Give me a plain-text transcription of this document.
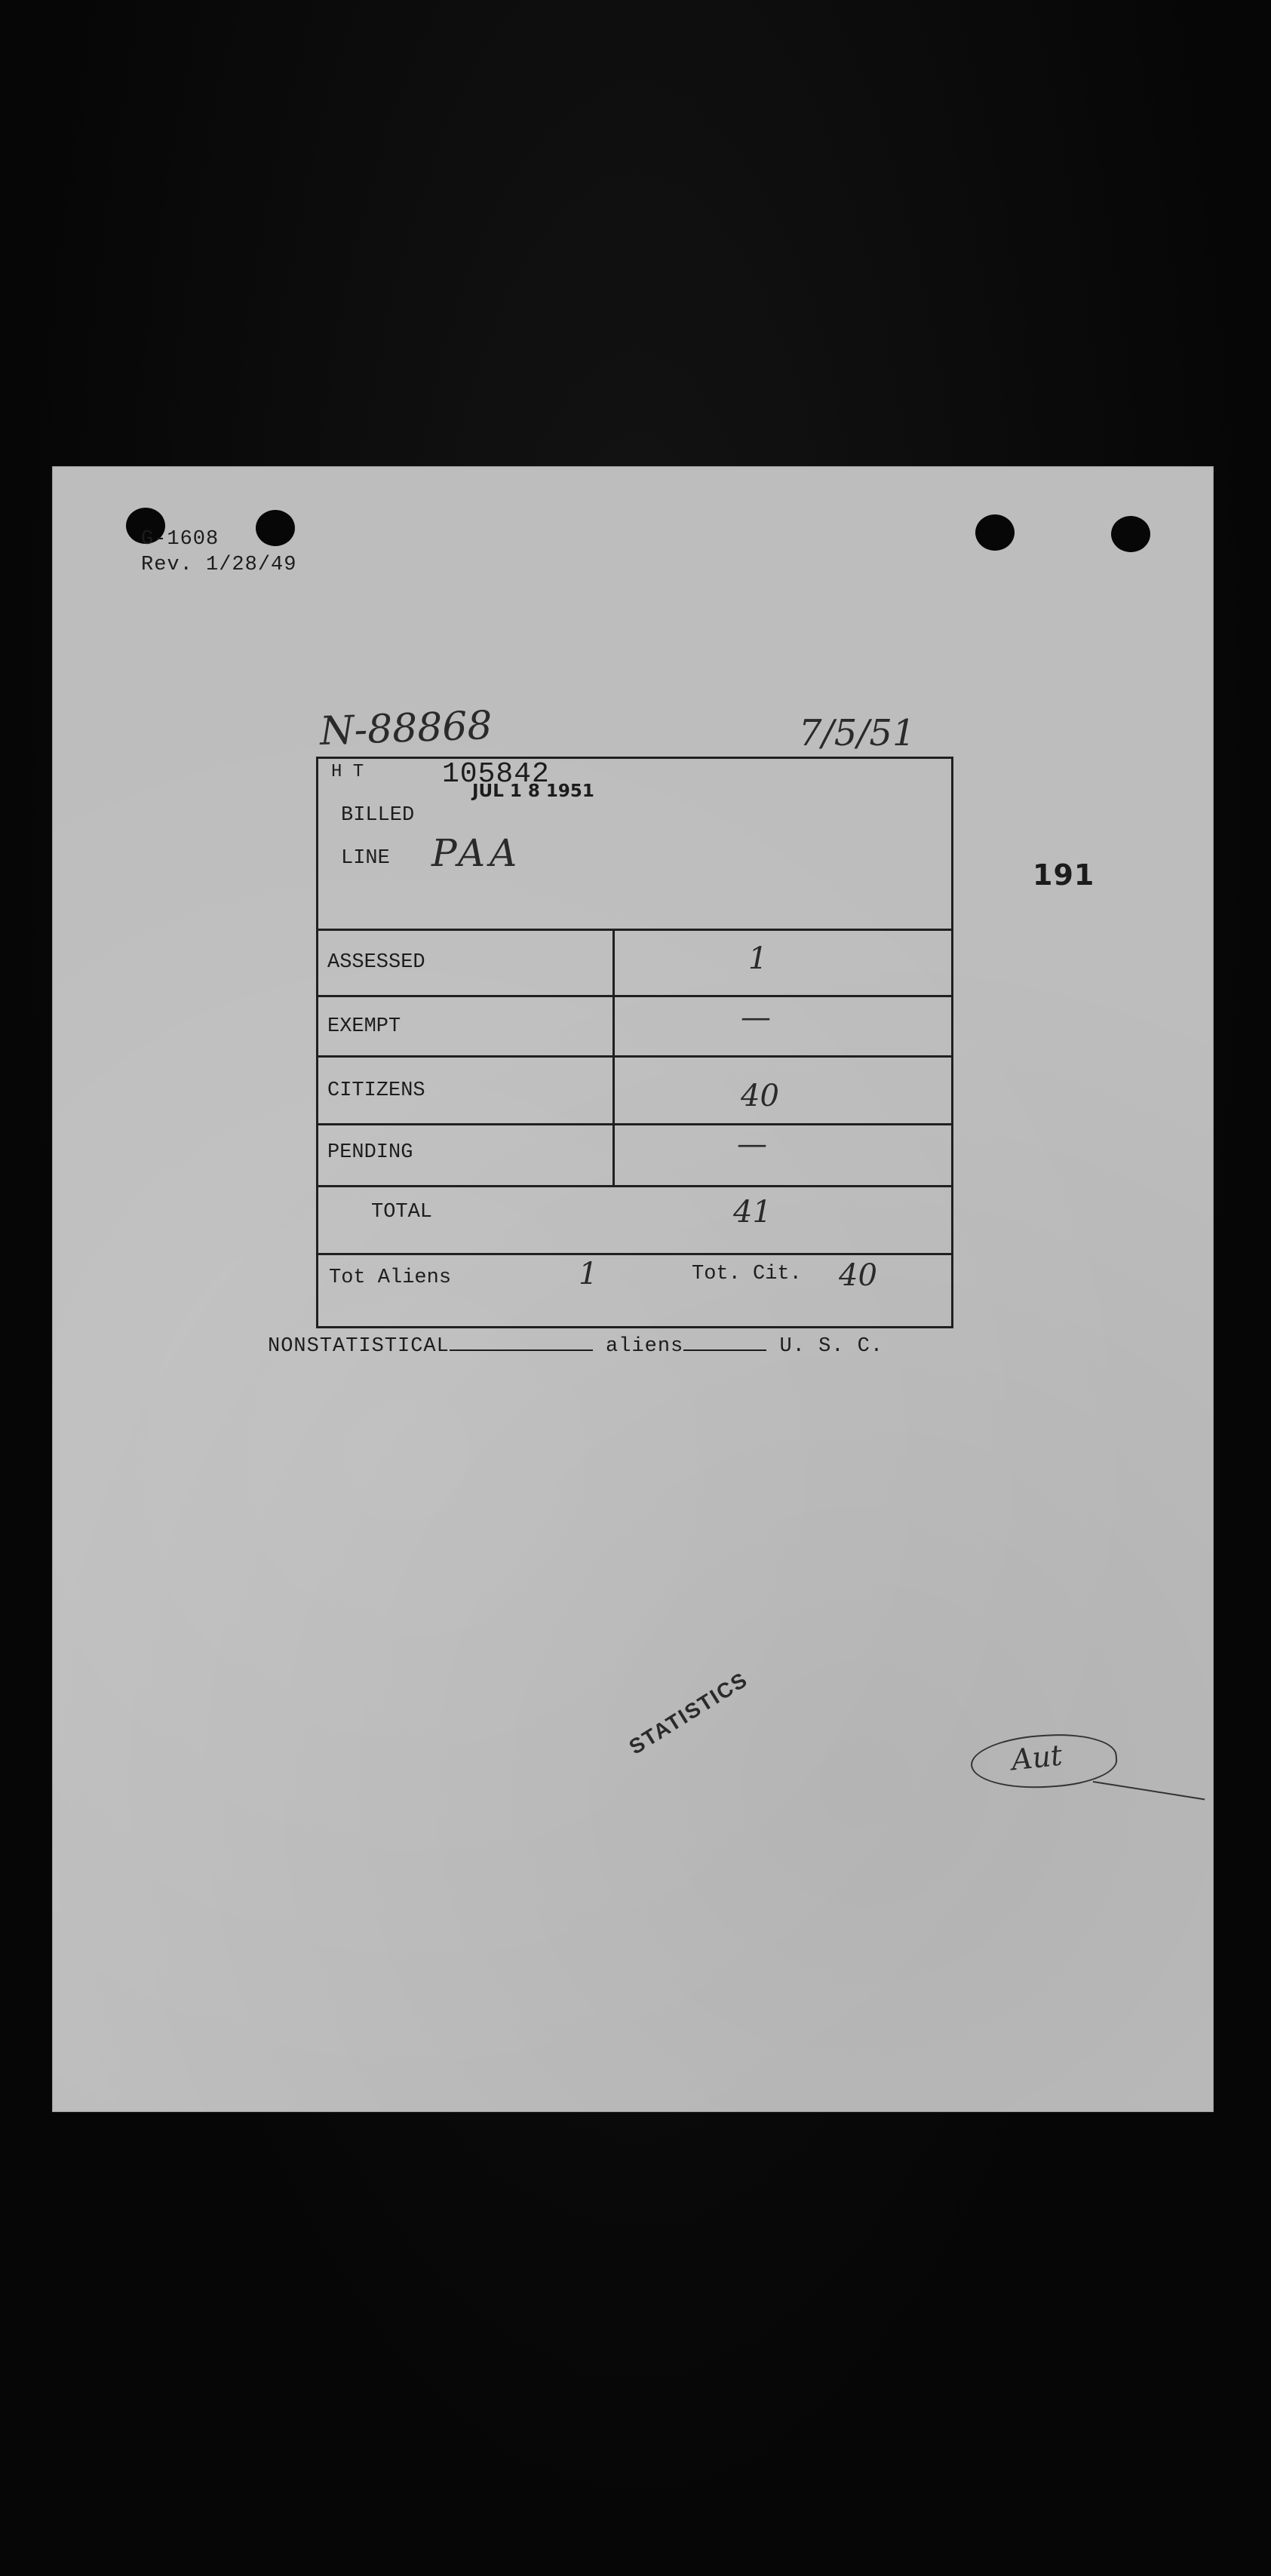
G-1608
Rev. 1/28/49
N-88868	7/5/51
191
H T	105842
JUL 1 8 1951
BILLED
LINE PAA
ASSESSED	1
EXEMPT	—
CITIZENS	40
PENDING	—
TOTAL	41
Tot Aliens	1	Tot. Cit. 40
Aut
NONSTATISTICAL	aliens	U. S. C.
STATISTICS
